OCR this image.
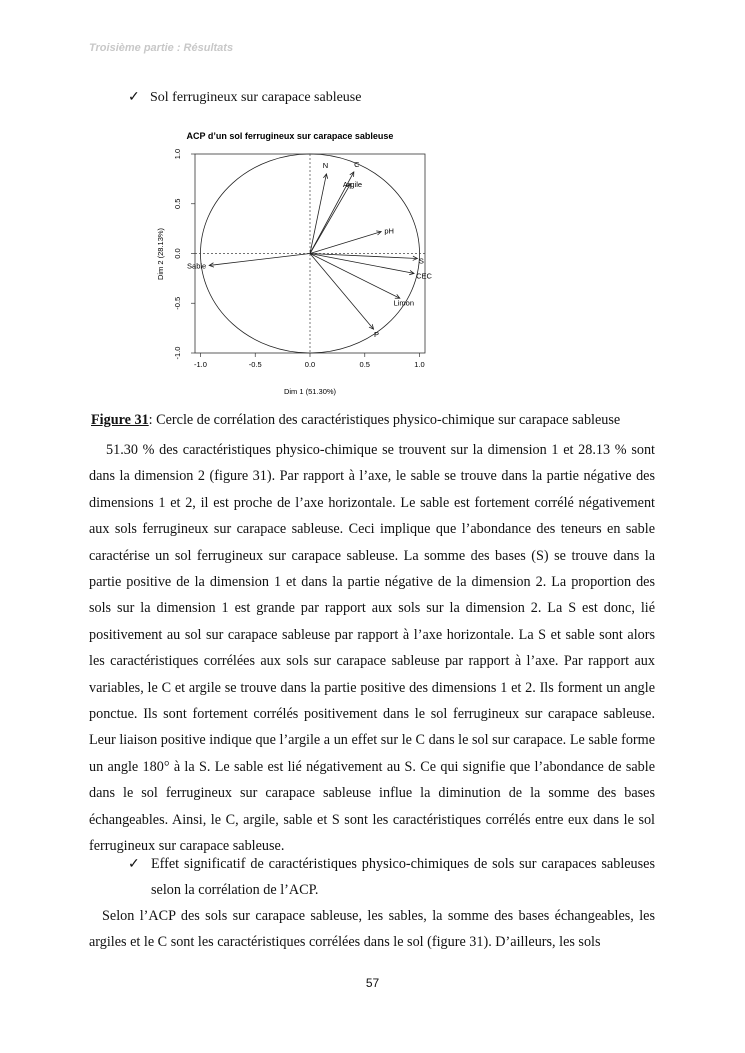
Troisième partie : Résultats
✓ Sol ferrugineux sur carapace sableuse
ACP d’un sol ferrugineux sur carapace sableuse
-1.0	-0.5	0.0	0.5	1.0
-1.0
-0.5
0.0
0.5
1.0
N	C
Argile
pH
S
CEC
Limon
P
Sable
Dim 1 (51.30%)
Dim 2 (28.13%)
Figure 31: Cercle de corrélation des caractéristiques physico-chimique sur carapace sableuse

51.30 % des caractéristiques physico-chimique se trouvent sur la dimension 1 et 28.13 % sont dans la dimension 2 (figure 31). Par rapport à l’axe, le sable se trouve dans la partie négative des dimensions 1 et 2, il est proche de l’axe horizontale. Le sable est fortement corrélé négativement aux sols ferrugineux sur carapace sableuse. Ceci implique que l’abondance des teneurs en sable caractérise un sol ferrugineux sur carapace sableuse. La somme des bases (S) se trouve dans la partie positive de la dimension 1 et dans la partie négative de la dimension 2. La proportion des sols sur la dimension 1 est grande par rapport aux sols sur la dimension 2. La S est donc, lié positivement au sol sur carapace sableuse par rapport à l’axe horizontale. La S et sable sont alors les caractéristiques corrélées aux sols sur carapace sableuse par rapport à l’axe. Par rapport aux variables, le C et argile se trouve dans la partie positive des dimensions 1 et 2. Ils forment un angle ponctue. Ils sont fortement corrélés positivement dans le sol ferrugineux sur carapace sableuse. Leur liaison positive indique que l’argile a un effet sur le C dans le sol sur carapace. Le sable forme un angle 180° à la S. Le sable est lié négativement au S. Ce qui signifie que l’abondance de sable dans le sol ferrugineux sur carapace sableuse influe la diminution de la somme des bases échangeables. Ainsi, le C, argile, sable et S sont les caractéristiques corrélés entre eux dans le sol ferrugineux sur carapace sableuse.

✓ Effet significatif de caractéristiques physico-chimiques de sols sur carapaces sableuses selon la corrélation de l’ACP.

Selon l’ACP des sols sur carapace sableuse, les sables, la somme des bases échangeables, les argiles et le C sont les caractéristiques corrélées dans le sol (figure 31). D’ailleurs, les sols

57
